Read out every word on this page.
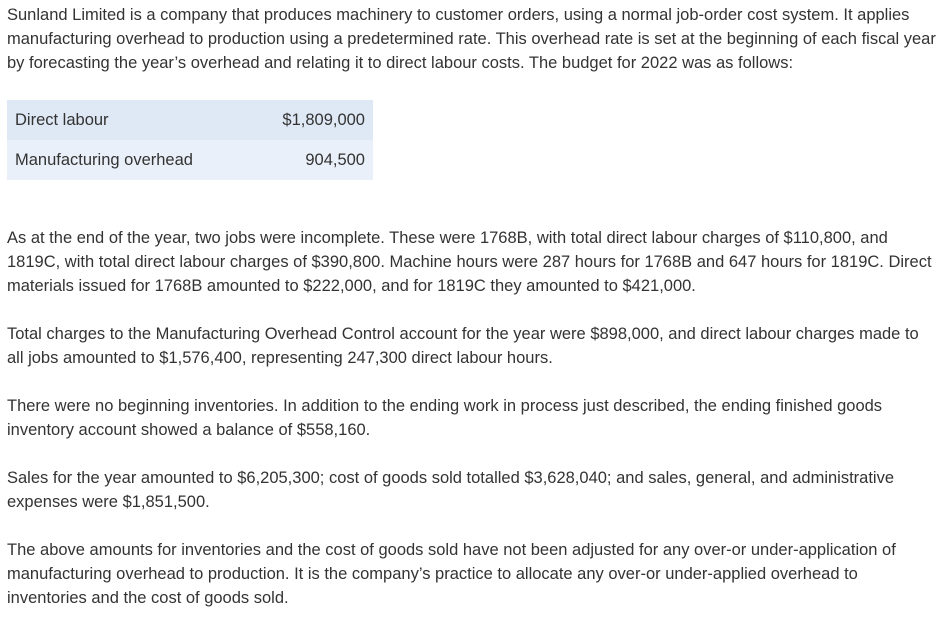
Sunland Limited is a company that produces machinery to customer orders, using a normal job-order cost system. It applies manufacturing overhead to production using a predetermined rate. This overhead rate is set at the beginning of each fiscal year by forecasting the year’s overhead and relating it to direct labour costs. The budget for 2022 was as follows:

Direct labour	$1,809,000
Manufacturing overhead	904,500

As at the end of the year, two jobs were incomplete. These were 1768B, with total direct labour charges of $110,800, and 1819C, with total direct labour charges of $390,800. Machine hours were 287 hours for 1768B and 647 hours for 1819C. Direct materials issued for 1768B amounted to $222,000, and for 1819C they amounted to $421,000.

Total charges to the Manufacturing Overhead Control account for the year were $898,000, and direct labour charges made to all jobs amounted to $1,576,400, representing 247,300 direct labour hours.

There were no beginning inventories. In addition to the ending work in process just described, the ending finished goods inventory account showed a balance of $558,160.

Sales for the year amounted to $6,205,300; cost of goods sold totalled $3,628,040; and sales, general, and administrative expenses were $1,851,500.

The above amounts for inventories and the cost of goods sold have not been adjusted for any over-or under-application of manufacturing overhead to production. It is the company’s practice to allocate any over-or under-applied overhead to inventories and the cost of goods sold.
